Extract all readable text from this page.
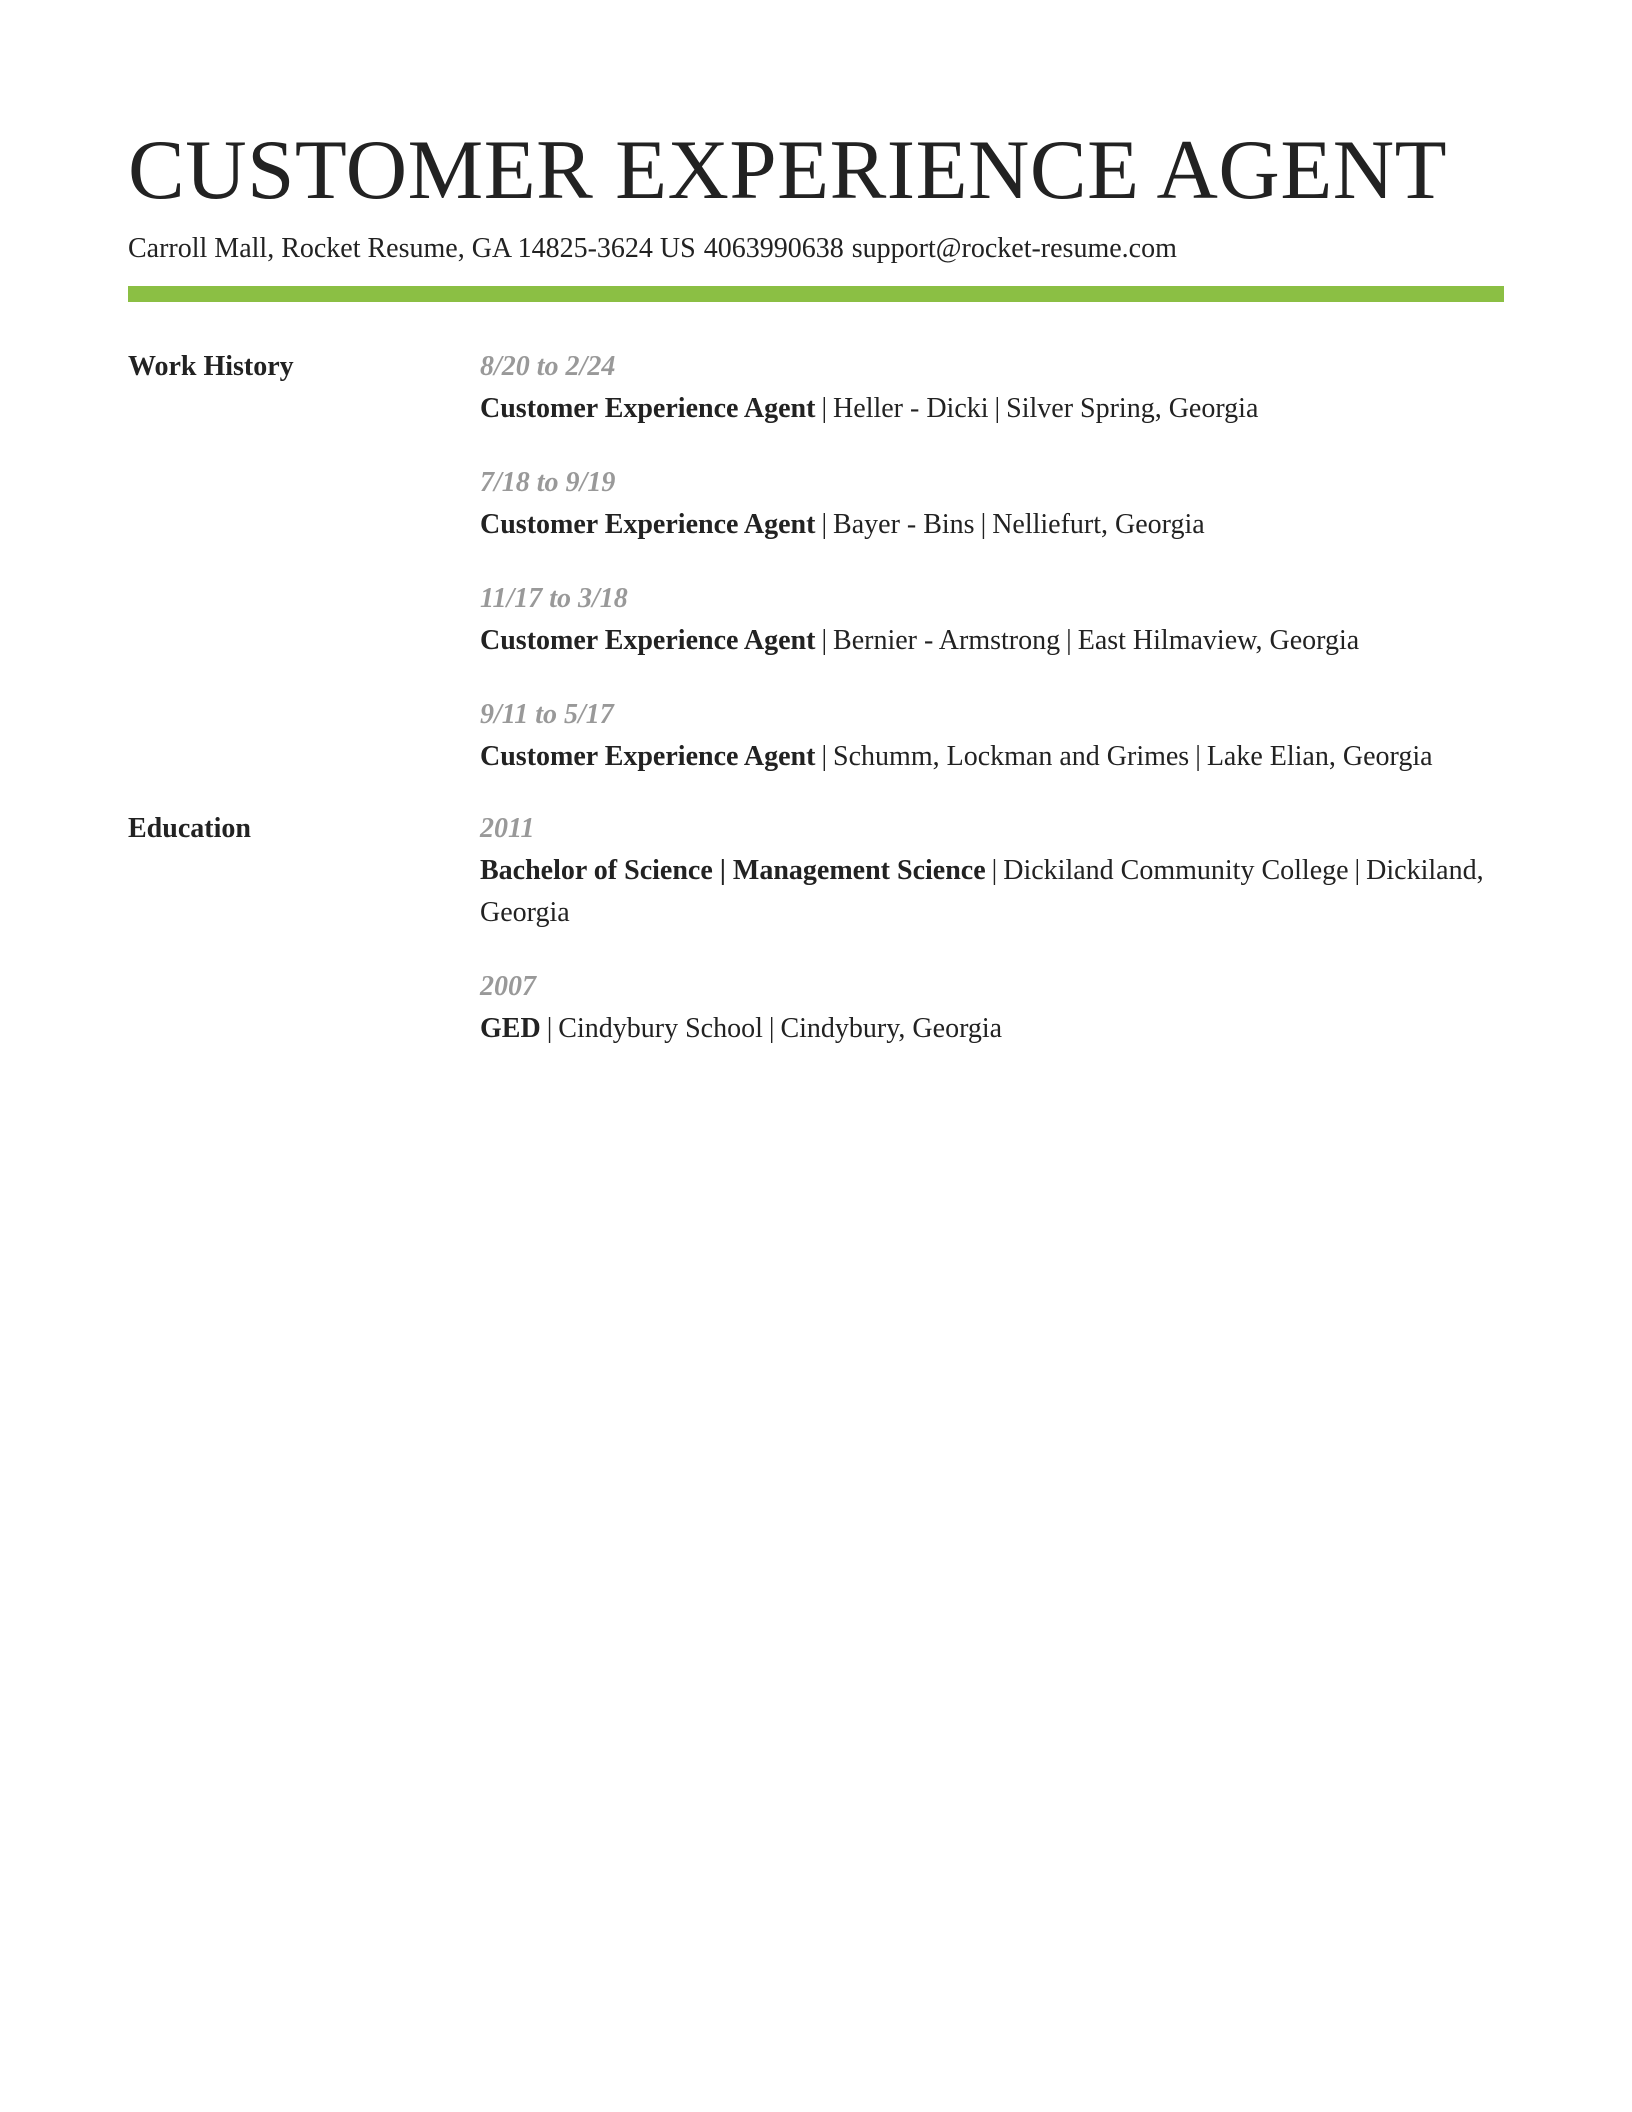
CUSTOMER EXPERIENCE AGENT
Carroll Mall, Rocket Resume, GA 14825-3624 US 4063990638 support@rocket-resume.com
Work History	8/20 to 2/24
Customer Experience Agent | Heller - Dicki | Silver Spring, Georgia
7/18 to 9/19
Customer Experience Agent | Bayer - Bins | Nelliefurt, Georgia
11/17 to 3/18
Customer Experience Agent | Bernier - Armstrong | East Hilmaview, Georgia
9/11 to 5/17
Customer Experience Agent | Schumm, Lockman and Grimes | Lake Elian, Georgia
Education	2011
Bachelor of Science | Management Science | Dickiland Community College | Dickiland, Georgia
2007
GED | Cindybury School | Cindybury, Georgia
